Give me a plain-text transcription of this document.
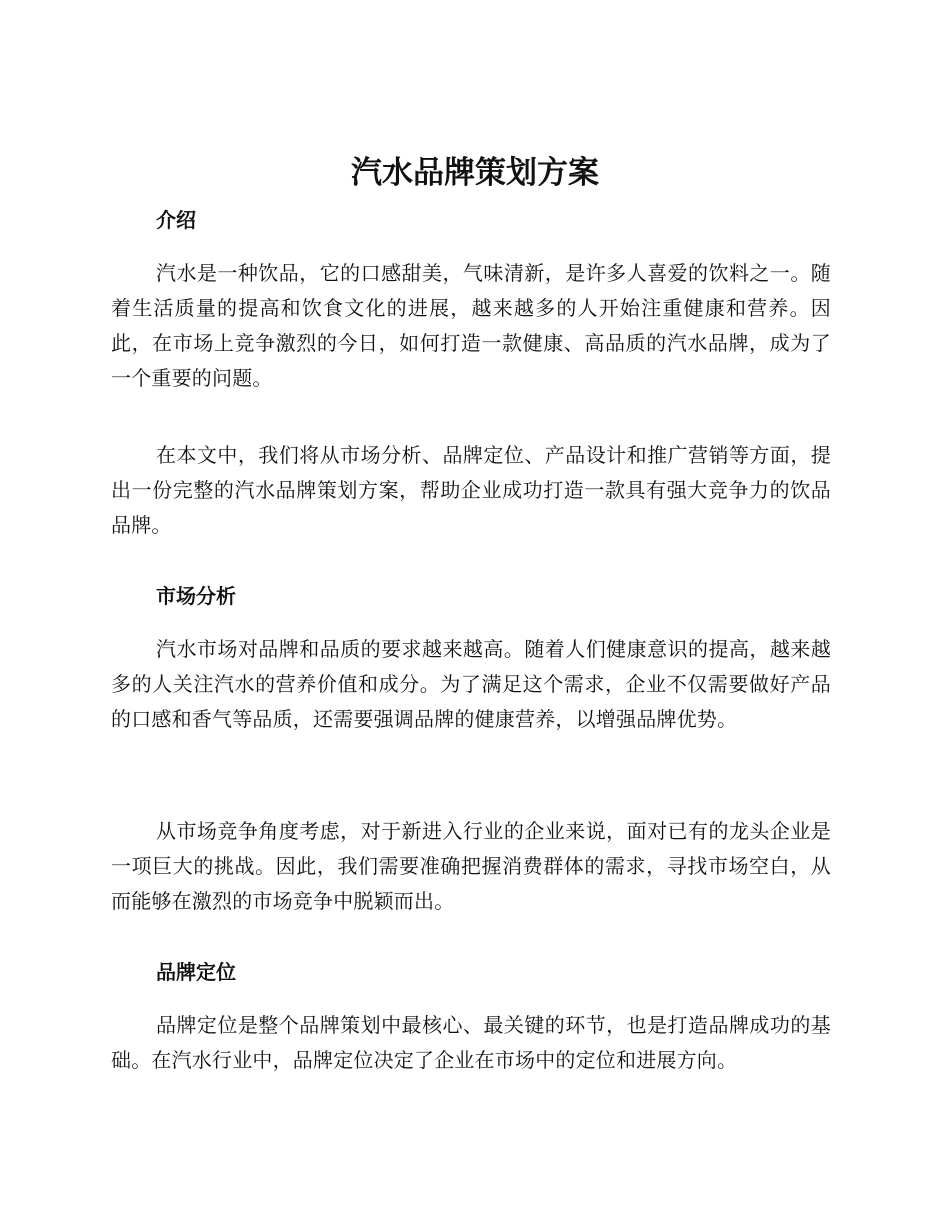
汽水品牌策划方案
介绍

汽水是一种饮品，它的口感甜美，气味清新，是许多人喜爱的饮料之一。随着生活质量的提高和饮食文化的进展，越来越多的人开始注重健康和营养。因此，在市场上竞争激烈的今日，如何打造一款健康、高品质的汽水品牌，成为了一个重要的问题。

在本文中，我们将从市场分析、品牌定位、产品设计和推广营销等方面，提出一份完整的汽水品牌策划方案，帮助企业成功打造一款具有强大竞争力的饮品品牌。

市场分析

汽水市场对品牌和品质的要求越来越高。随着人们健康意识的提高，越来越多的人关注汽水的营养价值和成分。为了满足这个需求，企业不仅需要做好产品的口感和香气等品质，还需要强调品牌的健康营养，以增强品牌优势。

从市场竞争角度考虑，对于新进入行业的企业来说，面对已有的龙头企业是一项巨大的挑战。因此，我们需要准确把握消费群体的需求，寻找市场空白，从而能够在激烈的市场竞争中脱颖而出。

品牌定位

品牌定位是整个品牌策划中最核心、最关键的环节，也是打造品牌成功的基础。在汽水行业中，品牌定位决定了企业在市场中的定位和进展方向。
